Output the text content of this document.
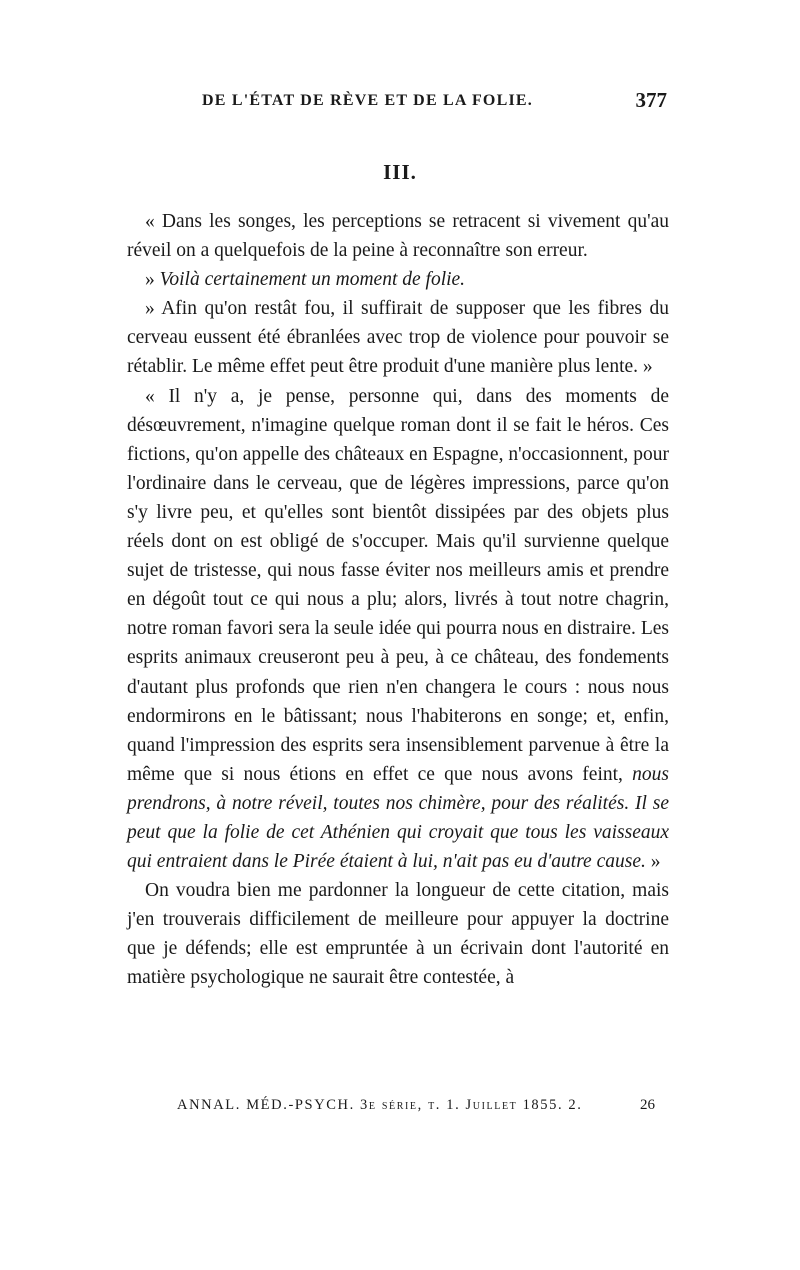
DE L'ÉTAT DE RÈVE ET DE LA FOLIE.	377
III.

« Dans les songes, les perceptions se retracent si vivement qu'au réveil on a quelquefois de la peine à reconnaître son erreur.

» Voilà certainement un moment de folie.

» Afin qu'on restât fou, il suffirait de supposer que les fibres du cerveau eussent été ébranlées avec trop de violence pour pouvoir se rétablir. Le même effet peut être produit d'une manière plus lente. »

« Il n'y a, je pense, personne qui, dans des moments de désœuvrement, n'imagine quelque roman dont il se fait le héros. Ces fictions, qu'on appelle des châteaux en Espagne, n'occasionnent, pour l'ordinaire dans le cerveau, que de légères impressions, parce qu'on s'y livre peu, et qu'elles sont bientôt dissipées par des objets plus réels dont on est obligé de s'occuper. Mais qu'il survienne quelque sujet de tristesse, qui nous fasse éviter nos meilleurs amis et prendre en dégoût tout ce qui nous a plu; alors, livrés à tout notre chagrin, notre roman favori sera la seule idée qui pourra nous en distraire. Les esprits animaux creuseront peu à peu, à ce château, des fondements d'autant plus profonds que rien n'en changera le cours : nous nous endormirons en le bâtissant; nous l'habiterons en songe; et, enfin, quand l'impression des esprits sera insensiblement parvenue à être la même que si nous étions en effet ce que nous avons feint, nous prendrons, à notre réveil, toutes nos chimère, pour des réalités. Il se peut que la folie de cet Athénien qui croyait que tous les vaisseaux qui entraient dans le Pirée étaient à lui, n'ait pas eu d'autre cause. »

On voudra bien me pardonner la longueur de cette citation, mais j'en trouverais difficilement de meilleure pour appuyer la doctrine que je défends; elle est empruntée à un écrivain dont l'autorité en matière psychologique ne saurait être contestée, à

ANNAL. MÉD.-PSYCH. 3e série, t. 1. Juillet 1855. 2.	26
